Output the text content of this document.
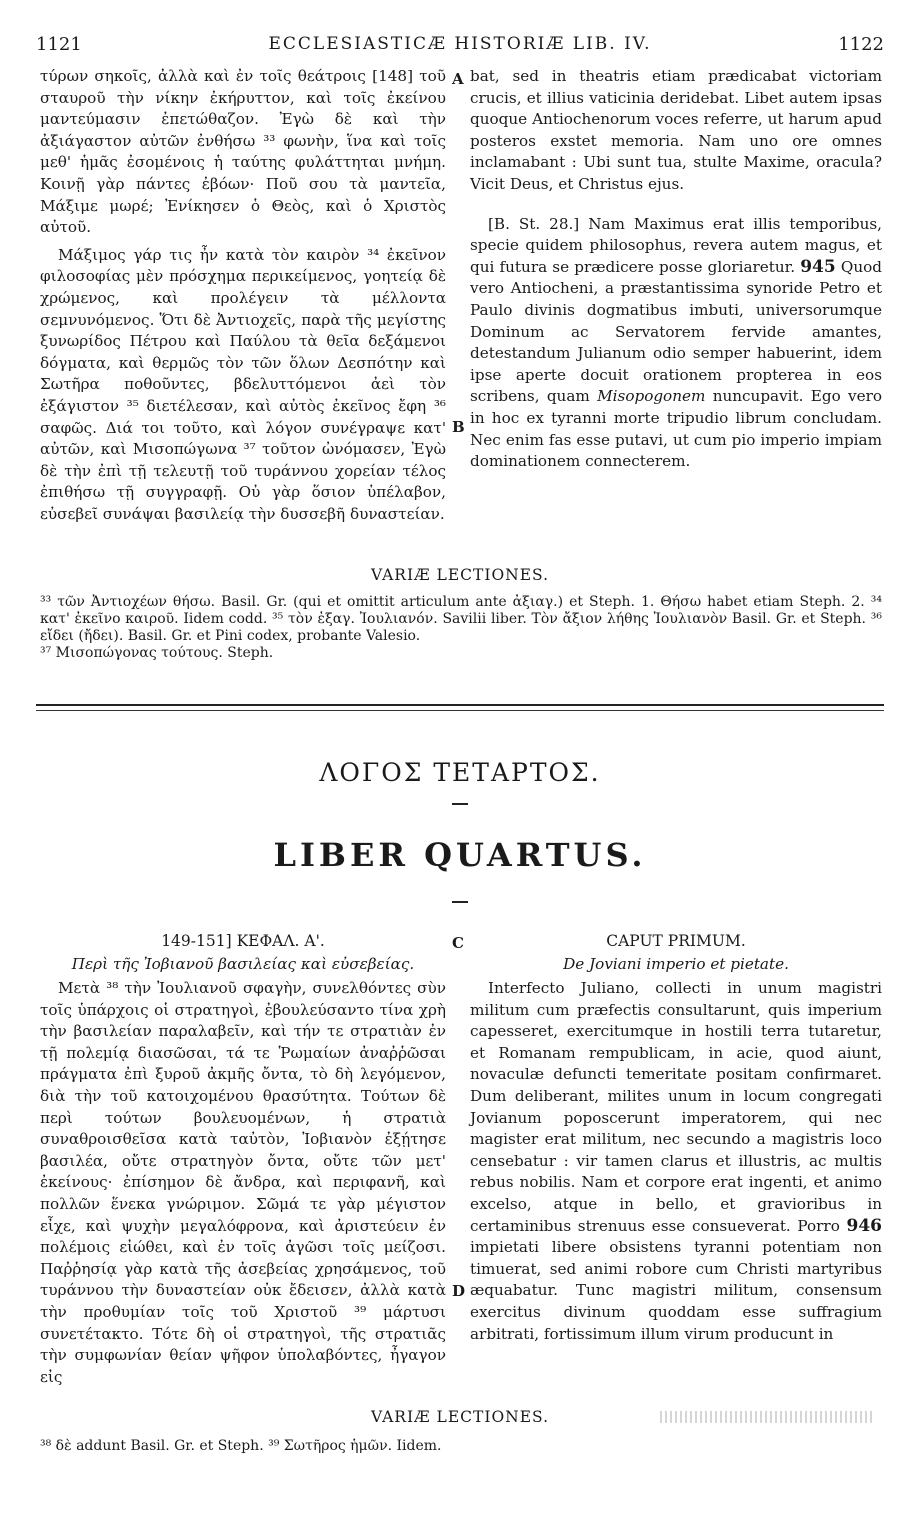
1121	ECCLESIASTICÆ HISTORIÆ LIB. IV.	1122

τύρων σηκοῖς, ἀλλὰ καὶ ἐν τοῖς θεάτροις [148] τοῦ σταυροῦ τὴν νίκην ἐκήρυττον, καὶ τοῖς ἐκείνου μαντεύμασιν ἐπετώθαζον. Ἐγὼ δὲ καὶ τὴν ἀξιάγαστον αὐτῶν ἐνθήσω ³³ φωνὴν, ἵνα καὶ τοῖς μεθ' ἡμᾶς ἐσομένοις ἡ ταύτης φυλάττηται μνήμη. Κοινῇ γὰρ πάντες ἐβόων· Ποῦ σου τὰ μαντεῖα, Μάξιμε μωρέ; Ἐνίκησεν ὁ Θεὸς, καὶ ὁ Χριστὸς αὐτοῦ.

Μάξιμος γάρ τις ἦν κατὰ τὸν καιρὸν ³⁴ ἐκεῖνον φιλοσοφίας μὲν πρόσχημα περικείμενος, γοητείᾳ δὲ χρώμενος, καὶ προλέγειν τὰ μέλλοντα σεμνυνόμενος. Ὅτι δὲ Ἀντιοχεῖς, παρὰ τῆς μεγίστης ξυνωρίδος Πέτρου καὶ Παύλου τὰ θεῖα δεξάμενοι δόγματα, καὶ θερμῶς τὸν τῶν ὅλων Δεσπότην καὶ Σωτῆρα ποθοῦντες, βδελυττόμενοι ἀεὶ τὸν ἐξάγιστον ³⁵ διετέλεσαν, καὶ αὐτὸς ἐκεῖνος ἔφη ³⁶ σαφῶς. Διά τοι τοῦτο, καὶ λόγον συνέγραψε κατ' αὐτῶν, καὶ Μισοπώγωνα ³⁷ τοῦτον ὠνόμασεν, Ἐγὼ δὲ τὴν ἐπὶ τῇ τελευτῇ τοῦ τυράννου χορείαν τέλος ἐπιθήσω τῇ συγγραφῇ. Οὐ γὰρ ὅσιον ὑπέλαβον, εὐσεβεῖ συνάψαι βασιλείᾳ τὴν δυσσεβῆ δυναστείαν.

A
B

bat, sed in theatris etiam prædicabat victoriam crucis, et illius vaticinia deridebat. Libet autem ipsas quoque Antiochenorum voces referre, ut harum apud posteros exstet memoria. Nam uno ore omnes inclamabant : Ubi sunt tua, stulte Maxime, oracula? Vicit Deus, et Christus ejus.

[B. St. 28.] Nam Maximus erat illis temporibus, specie quidem philosophus, revera autem magus, et qui futura se prædicere posse gloriaretur. 945 Quod vero Antiocheni, a præstantissima synoride Petro et Paulo divinis dogmatibus imbuti, universorumque Dominum ac Servatorem fervide amantes, detestandum Julianum odio semper habuerint, idem ipse aperte docuit orationem propterea in eos scribens, quam Misopogonem nuncupavit. Ego vero in hoc ex tyranni morte tripudio librum concludam. Nec enim fas esse putavi, ut cum pio imperio impiam dominationem connecterem.

VARIÆ LECTIONES.

³³ τῶν Ἀντιοχέων θήσω. Basil. Gr. (qui et omittit articulum ante ἀξιαγ.) et Steph. 1. Θήσω habet etiam Steph. 2. ³⁴ κατ' ἐκεῖνο καιροῦ. Iidem codd. ³⁵ τὸν ἐξαγ. Ἰουλιανόν. Savilii liber. Τὸν ἄξιον λήθης Ἰουλιανὸν Basil. Gr. et Steph. ³⁶ εἴδει (ἤδει). Basil. Gr. et Pini codex, probante Valesio.

³⁷ Μισοπώγονας τούτους. Steph.

ΛΟΓΟΣ ΤΕΤΑΡΤΟΣ.
LIBER QUARTUS.
149-151] ΚΕΦΑΛ. Α'.
Περὶ τῆς Ἰοβιανοῦ βασιλείας καὶ εὐσεβείας.
C	CAPUT PRIMUM.
De Joviani imperio et pietate.

Μετὰ ³⁸ τὴν Ἰουλιανοῦ σφαγὴν, συνελθόντες σὺν τοῖς ὑπάρχοις οἱ στρατηγοὶ, ἐβουλεύσαντο τίνα χρὴ τὴν βασιλείαν παραλαβεῖν, καὶ τήν τε στρατιὰν ἐν τῇ πολεμίᾳ διασῶσαι, τά τε Ῥωμαίων ἀναῤῥῶσαι πράγματα ἐπὶ ξυροῦ ἀκμῆς ὄντα, τὸ δὴ λεγόμενον, διὰ τὴν τοῦ κατοιχομένου θρασύτητα. Τούτων δὲ περὶ τούτων βουλευομένων, ἡ στρατιὰ συναθροισθεῖσα κατὰ ταὐτὸν, Ἰοβιανὸν ἐξῄτησε βασιλέα, οὔτε στρατηγὸν ὄντα, οὔτε τῶν μετ' ἐκείνους· ἐπίσημον δὲ ἄνδρα, καὶ περιφανῆ, καὶ πολλῶν ἕνεκα γνώριμον. Σῶμά τε γὰρ μέγιστον εἶχε, καὶ ψυχὴν μεγαλόφρονα, καὶ ἀριστεύειν ἐν πολέμοις εἰώθει, καὶ ἐν τοῖς ἀγῶσι τοῖς μείζοσι. Παῤῥησίᾳ γὰρ κατὰ τῆς ἀσεβείας χρησάμενος, τοῦ τυράννου τὴν δυναστείαν οὐκ ἔδεισεν, ἀλλὰ κατὰ τὴν προθυμίαν τοῖς τοῦ Χριστοῦ ³⁹ μάρτυσι συνετέτακτο. Τότε δὴ οἱ στρατηγοὶ, τῆς στρατιᾶς τὴν συμφωνίαν θείαν ψῆφον ὑπολαβόντες, ἦγαγον εἰς

D

Interfecto Juliano, collecti in unum magistri militum cum præfectis consultarunt, quis imperium capesseret, exercitumque in hostili terra tutaretur, et Romanam rempublicam, in acie, quod aiunt, novaculæ defuncti temeritate positam confirmaret. Dum deliberant, milites unum in locum congregati Jovianum poposcerunt imperatorem, qui nec magister erat militum, nec secundo a magistris loco censebatur : vir tamen clarus et illustris, ac multis rebus nobilis. Nam et corpore erat ingenti, et animo excelso, atque in bello, et gravioribus in certaminibus strenuus esse consueverat. Porro 946 impietati libere obsistens tyranni potentiam non timuerat, sed animi robore cum Christi martyribus æquabatur. Tunc magistri militum, consensum exercitus divinum quoddam esse suffragium arbitrati, fortissimum illum virum producunt in

VARIÆ LECTIONES.

³⁸ δὲ addunt Basil. Gr. et Steph. ³⁹ Σωτῆρος ἡμῶν. Iidem.
